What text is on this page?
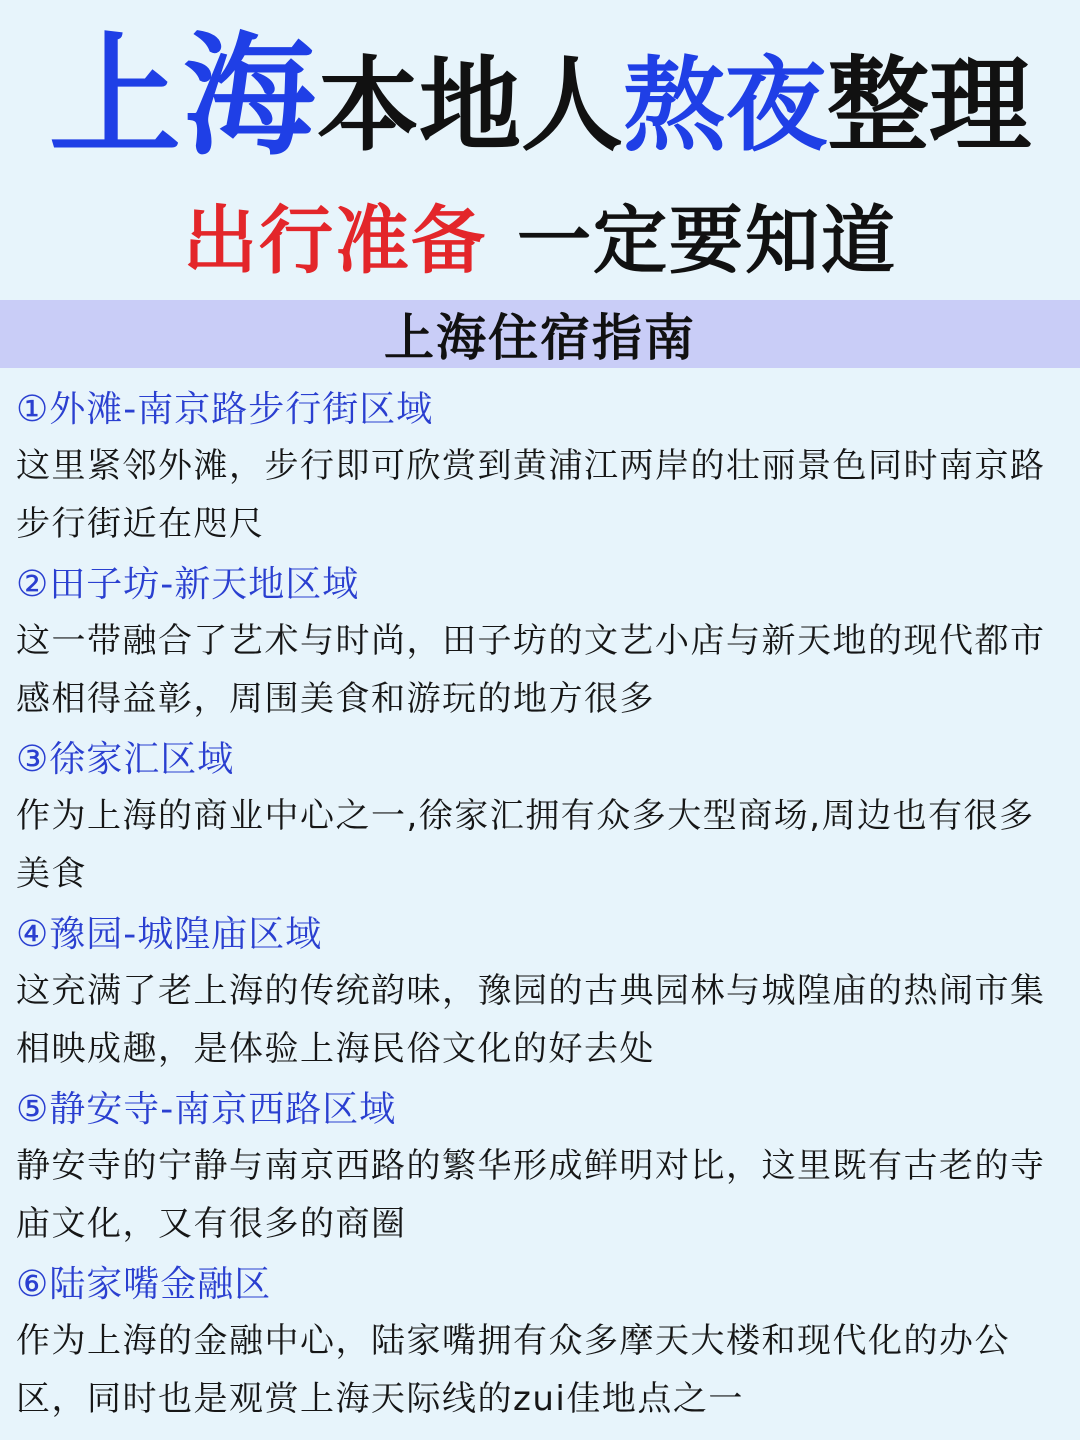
上海 本地人 熬夜 整理
出行准备 一定要知道
上海住宿指南
①外滩-南京路步行街区域
这里紧邻外滩，步行即可欣赏到黄浦江两岸的壮丽景色同时南京路步行街近在咫尺
②田子坊-新天地区域
这一带融合了艺术与时尚，田子坊的文艺小店与新天地的现代都市感相得益彰，周围美食和游玩的地方很多
③徐家汇区域
作为上海的商业中心之一,徐家汇拥有众多大型商场,周边也有很多美食
④豫园-城隍庙区域
这充满了老上海的传统韵味，豫园的古典园林与城隍庙的热闹市集相映成趣，是体验上海民俗文化的好去处
⑤静安寺-南京西路区域
静安寺的宁静与南京西路的繁华形成鲜明对比，这里既有古老的寺庙文化，又有很多的商圈
⑥陆家嘴金融区
作为上海的金融中心，陆家嘴拥有众多摩天大楼和现代化的办公区，同时也是观赏上海天际线的zui佳地点之一
